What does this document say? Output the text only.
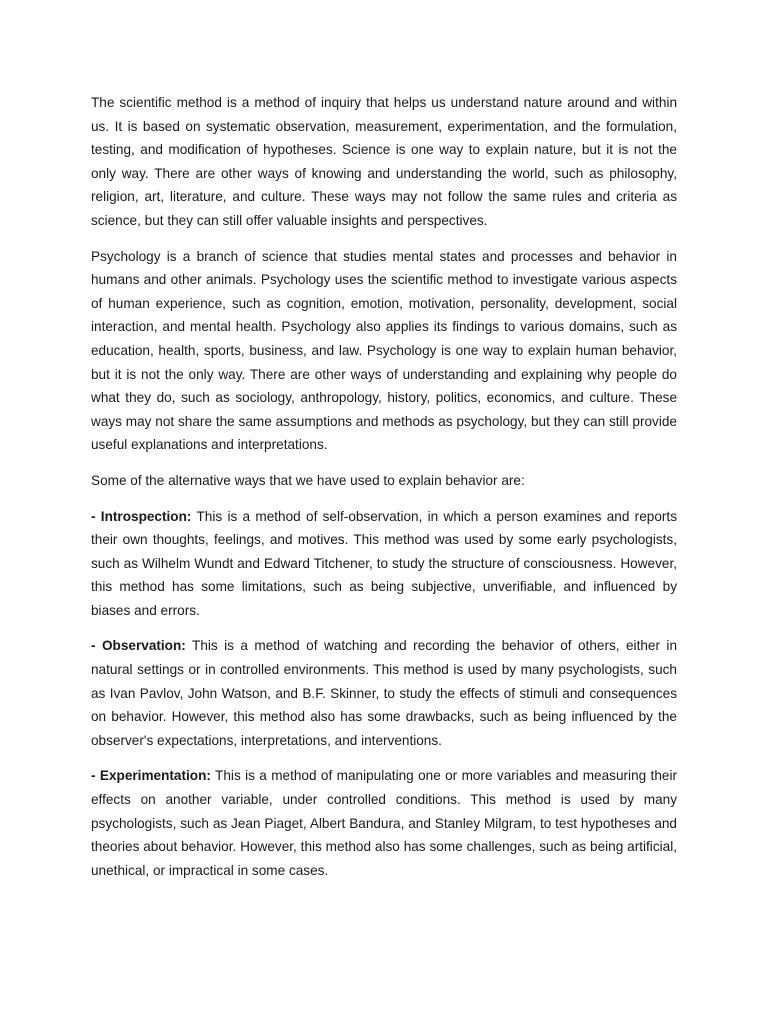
The scientific method is a method of inquiry that helps us understand nature around and within us. It is based on systematic observation, measurement, experimentation, and the formulation, testing, and modification of hypotheses. Science is one way to explain nature, but it is not the only way. There are other ways of knowing and understanding the world, such as philosophy, religion, art, literature, and culture. These ways may not follow the same rules and criteria as science, but they can still offer valuable insights and perspectives.

Psychology is a branch of science that studies mental states and processes and behavior in humans and other animals. Psychology uses the scientific method to investigate various aspects of human experience, such as cognition, emotion, motivation, personality, development, social interaction, and mental health. Psychology also applies its findings to various domains, such as education, health, sports, business, and law. Psychology is one way to explain human behavior, but it is not the only way. There are other ways of understanding and explaining why people do what they do, such as sociology, anthropology, history, politics, economics, and culture. These ways may not share the same assumptions and methods as psychology, but they can still provide useful explanations and interpretations.

Some of the alternative ways that we have used to explain behavior are:

- Introspection: This is a method of self-observation, in which a person examines and reports their own thoughts, feelings, and motives. This method was used by some early psychologists, such as Wilhelm Wundt and Edward Titchener, to study the structure of consciousness. However, this method has some limitations, such as being subjective, unverifiable, and influenced by biases and errors.

- Observation: This is a method of watching and recording the behavior of others, either in natural settings or in controlled environments. This method is used by many psychologists, such as Ivan Pavlov, John Watson, and B.F. Skinner, to study the effects of stimuli and consequences on behavior. However, this method also has some drawbacks, such as being influenced by the observer's expectations, interpretations, and interventions.

- Experimentation: This is a method of manipulating one or more variables and measuring their effects on another variable, under controlled conditions. This method is used by many psychologists, such as Jean Piaget, Albert Bandura, and Stanley Milgram, to test hypotheses and theories about behavior. However, this method also has some challenges, such as being artificial, unethical, or impractical in some cases.
